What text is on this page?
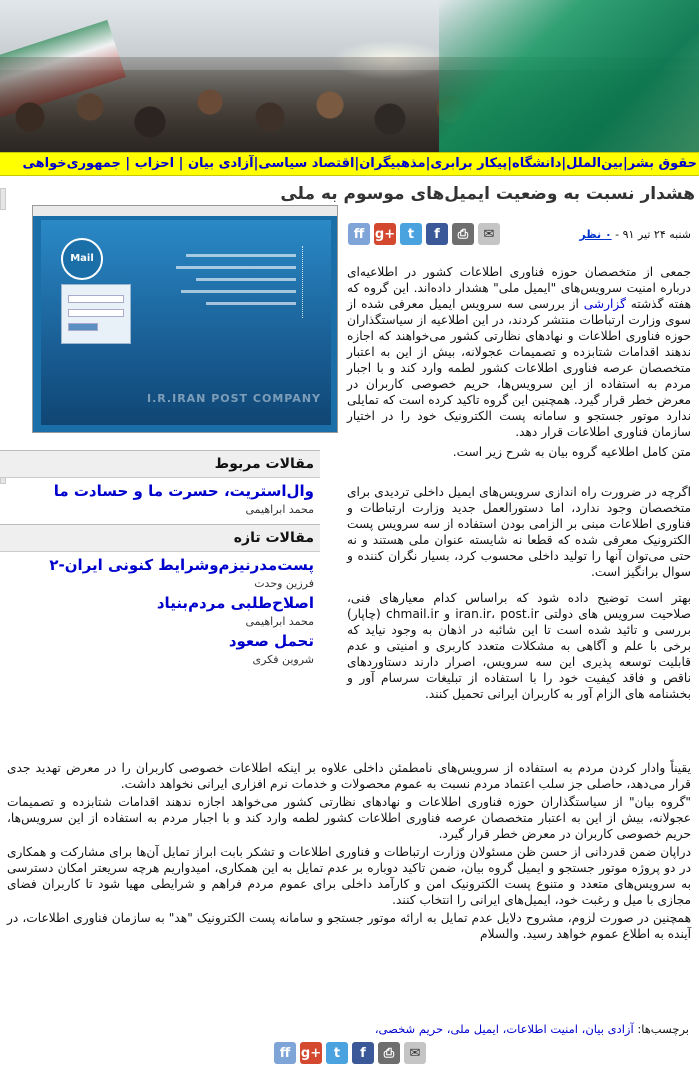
حقوق بشر|بین‌الملل|دانشگاه|پیکار برابری|مذهبیگران|اقتصاد سیاسی|آزادی بیان | احزاب | جمهوری‌خواهی
هشدار نسبت به وضعیت ایمیل‌های موسوم به ملی
شنبه ۲۴ تیر ۹۱ - ۰ نظر
ff g+ t	f	⎙	✉
Mail
I.R.IRAN POST COMPANY

جمعی از متخصصان حوزه فناوری اطلاعات کشور در اطلاعیه‌ای درباره امنیت سرویس‌های "ایمیل ملی" هشدار داده‌اند. این گروه که هفته گذشته گزارشی از بررسی سه سرویس ایمیل معرفی شده از سوی وزارت ارتباطات منتشر کردند، در این اطلاعیه از سیاستگذاران حوزه فناوری اطلاعات و نهادهای نظارتی کشور می‌خواهند که اجازه ندهند اقدامات شتابزده و تصمیمات عجولانه، بیش از این به اعتبار متخصصان عرصه فناوری اطلاعات کشور لطمه وارد کند و با اجبار مردم به استفاده از این سرویس‌ها، حریم خصوصی کاربران در معرض خطر قرار گیرد. همچنین این گروه تاکید کرده است که تمایلی ندارد موتور جستجو و سامانه پست الکترونیک خود را در اختیار سازمان فناوری اطلاعات قرار دهد.

متن کامل اطلاعیه گروه بیان به شرح زیر است.

مقالات مربوط
وال‌استریت، حسرت ما و حسادت ما
محمد ابراهیمی
مقالات تازه
پست‌مدرنیزم‌وشرایط کنونی ایران-۲
فرزین وحدت
اصلاح‌طلبی مردم‌بنیاد
محمد ابراهیمی
تحمل صعود
شروین فکری

اگرچه در ضرورت راه اندازی سرویس‌های ایمیل داخلی تردیدی برای متخصصان وجود ندارد، اما دستورالعمل جدید وزارت ارتباطات و فناوری اطلاعات مبنی بر الزامی بودن استفاده از سه سرویس پست الکترونیک معرفی شده که قطعا نه شایسته عنوان ملی هستند و نه حتی می‌توان آنها را تولید داخلی محسوب کرد، بسیار نگران کننده و سوال برانگیز است.

بهتر است توضیح داده شود که براساس کدام معیارهای فنی، صلاحیت سرویس های دولتی iran.ir، post.ir و chmail.ir (چاپار) بررسی و تائید شده است تا این شائبه در اذهان به وجود نیاید که برخی با علم و آگاهی به مشکلات متعدد کاربری و امنیتی و عدم قابلیت توسعه پذیری این سه سرویس، اصرار دارند دستاوردهای ناقص و فاقد کیفیت خود را با استفاده از تبلیغات سرسام آور و بخشنامه های الزام آور به کاربران ایرانی تحمیل کنند.

یقیناً وادار کردن مردم به استفاده از سرویس‌های نامطمئن داخلی علاوه بر اینکه اطلاعات خصوصی کاربران را در معرض تهدید جدی قرار می‌دهد، حاصلی جز سلب اعتماد مردم نسبت به عموم محصولات و خدمات نرم افزاری ایرانی نخواهد داشت.

"گروه بیان" از سیاستگذاران حوزه فناوری اطلاعات و نهادهای نظارتی کشور می‌خواهد اجازه ندهند اقدامات شتابزده و تصمیمات عجولانه، بیش از این به اعتبار متخصصان عرصه فناوری اطلاعات کشور لطمه وارد کند و با اجبار مردم به استفاده از این سرویس‌ها، حریم خصوصی کاربران در معرض خطر قرار گیرد.

دراپان ضمن قدردانی از حسن ظن مسئولان وزارت ارتباطات و فناوری اطلاعات و تشکر بابت ابراز تمایل آن‌ها برای مشارکت و همکاری در دو پروژه موتور جستجو و ایمیل گروه بیان، ضمن تاکید دوباره بر عدم تمایل به این همکاری، امیدواریم هرچه سریعتر امکان دسترسی به سرویس‌های متعدد و متنوع پست الکترونیک امن و کارآمد داخلی برای عموم مردم فراهم و شرایطی مهیا شود تا کاربران فضای مجازی با میل و رغبت خود، ایمیل‌های ایرانی را انتخاب کنند.

همچنین در صورت لزوم، مشروح دلایل عدم تمایل به ارائه موتور جستجو و سامانه پست الکترونیک "هد" به سازمان فناوری اطلاعات، در آینده به اطلاع عموم خواهد رسید. والسلام

برچسب‌ها: آزادی بیان، امنیت اطلاعات، ایمیل ملی، حریم شخصی،
ff g+ t	f	⎙	✉
